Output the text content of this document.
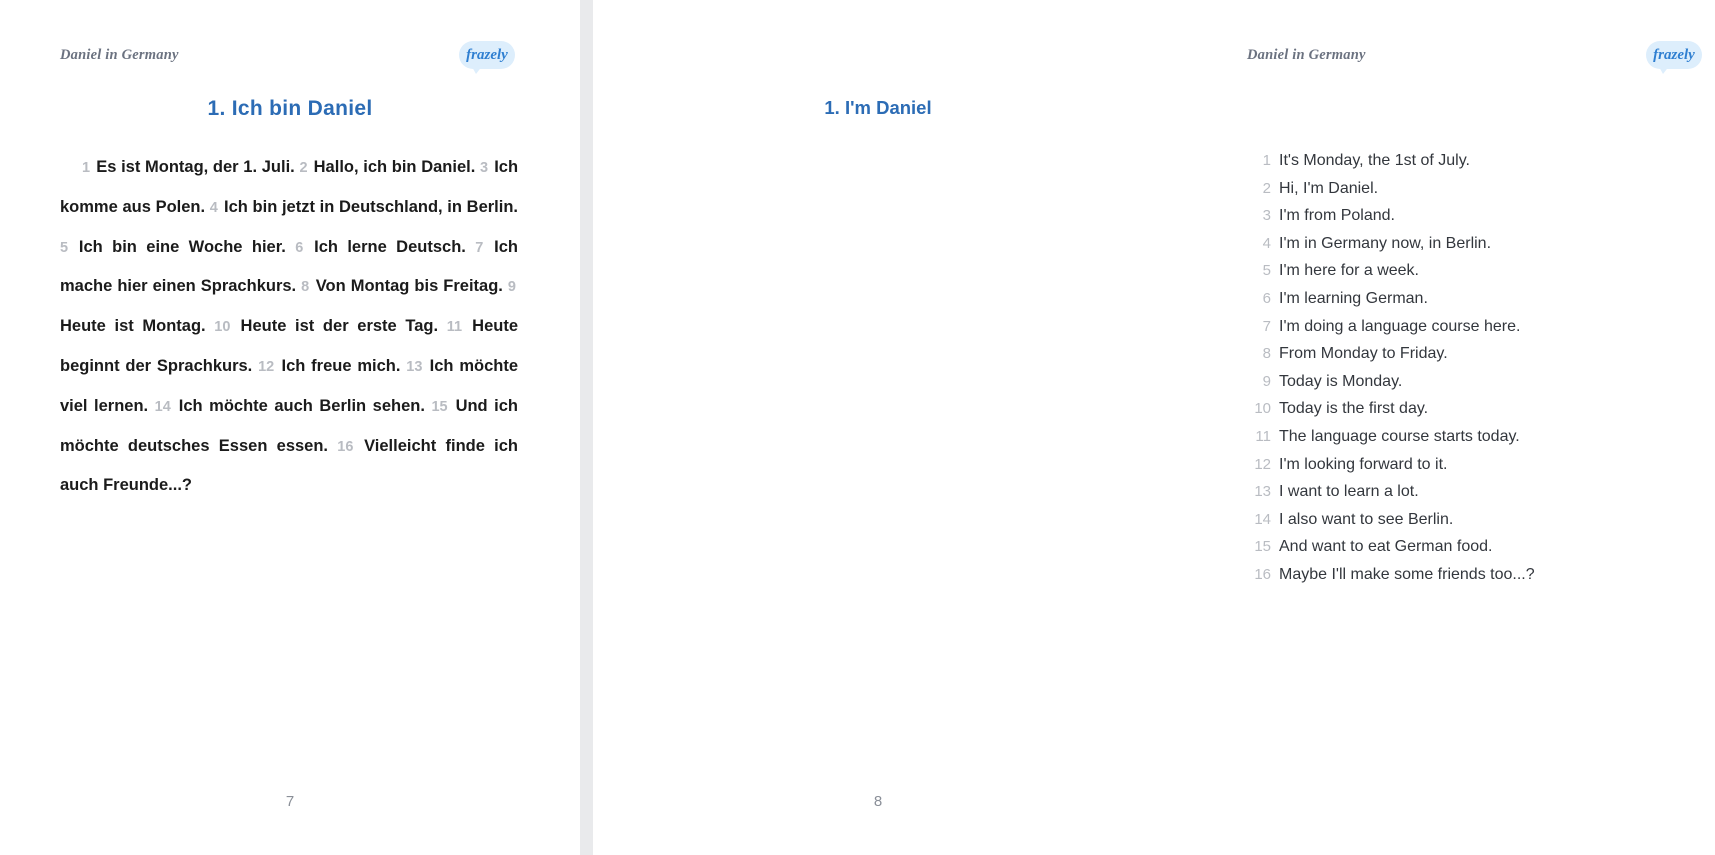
Daniel in Germany	frazely
1. Ich bin Daniel
1 Es ist Montag, der 1. Juli. 2 Hallo, ich bin Daniel. 3 Ich komme aus Polen. 4 Ich bin jetzt in Deutschland, in Berlin. 5 Ich bin eine Woche hier. 6 Ich lerne Deutsch. 7 Ich mache hier einen Sprachkurs. 8 Von Montag bis Freitag. 9 Heute ist Montag. 10 Heute ist der erste Tag. 11 Heute beginnt der Sprachkurs. 12 Ich freue mich. 13 Ich möchte viel lernen. 14 Ich möchte auch Berlin sehen. 15 Und ich möchte deutsches Essen essen. 16 Vielleicht finde ich auch Freunde...?
7
Daniel in Germany	frazely
1. I'm Daniel
1 It's Monday, the 1st of July.
2 Hi, I'm Daniel.
3 I'm from Poland.
4 I'm in Germany now, in Berlin.
5 I'm here for a week.
6 I'm learning German.
7 I'm doing a language course here.
8 From Monday to Friday.
9 Today is Monday.
10 Today is the first day.
11 The language course starts today.
12 I'm looking forward to it.
13 I want to learn a lot.
14 I also want to see Berlin.
15 And want to eat German food.
16 Maybe I'll make some friends too...?
8
